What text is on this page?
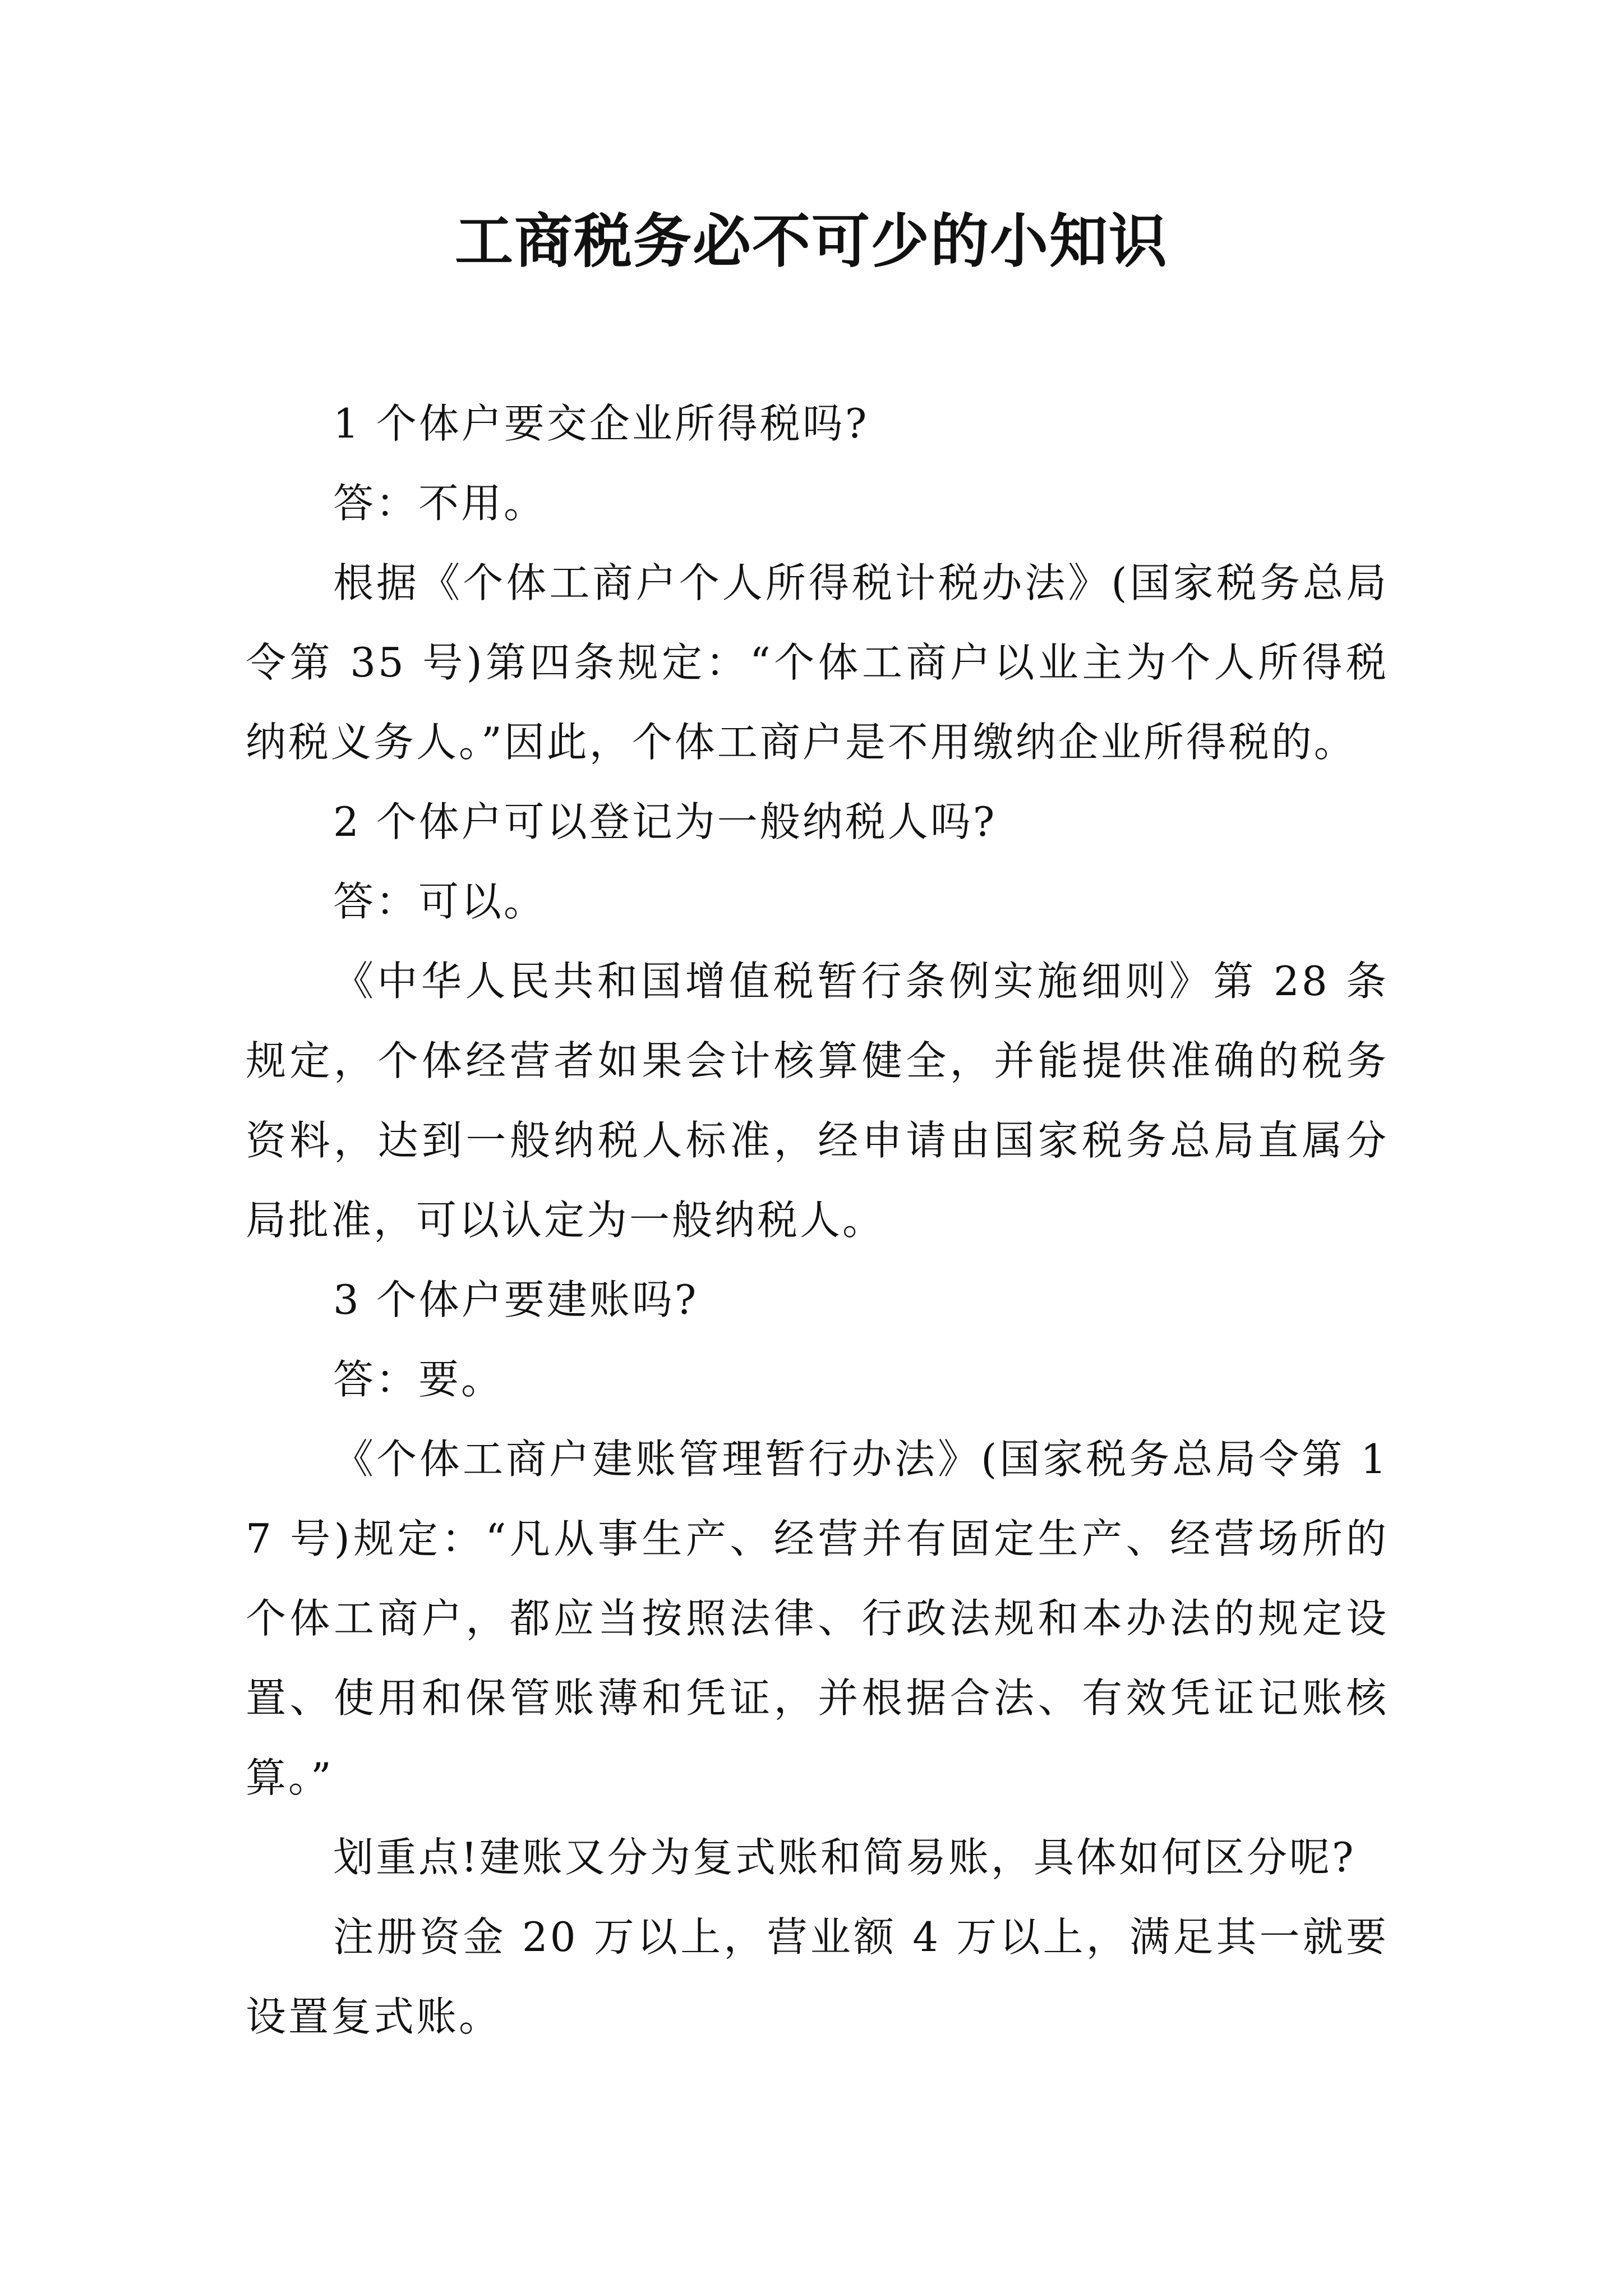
工商税务必不可少的小知识

1 个体户要交企业所得税吗?

答：不用。

根据《个体工商户个人所得税计税办法》(国家税务总局令第 35 号)第四条规定：“个体工商户以业主为个人所得税纳税义务人。”因此，个体工商户是不用缴纳企业所得税的。

2 个体户可以登记为一般纳税人吗?

答：可以。

《中华人民共和国增值税暂行条例实施细则》第 28 条规定，个体经营者如果会计核算健全，并能提供准确的税务资料，达到一般纳税人标准，经申请由国家税务总局直属分局批准，可以认定为一般纳税人。

3 个体户要建账吗?

答：要。

《个体工商户建账管理暂行办法》(国家税务总局令第 17 号)规定：“凡从事生产、经营并有固定生产、经营场所的个体工商户，都应当按照法律、行政法规和本办法的规定设置、使用和保管账薄和凭证，并根据合法、有效凭证记账核算。”

划重点!建账又分为复式账和简易账，具体如何区分呢?

注册资金 20 万以上，营业额 4 万以上，满足其一就要设置复式账。
